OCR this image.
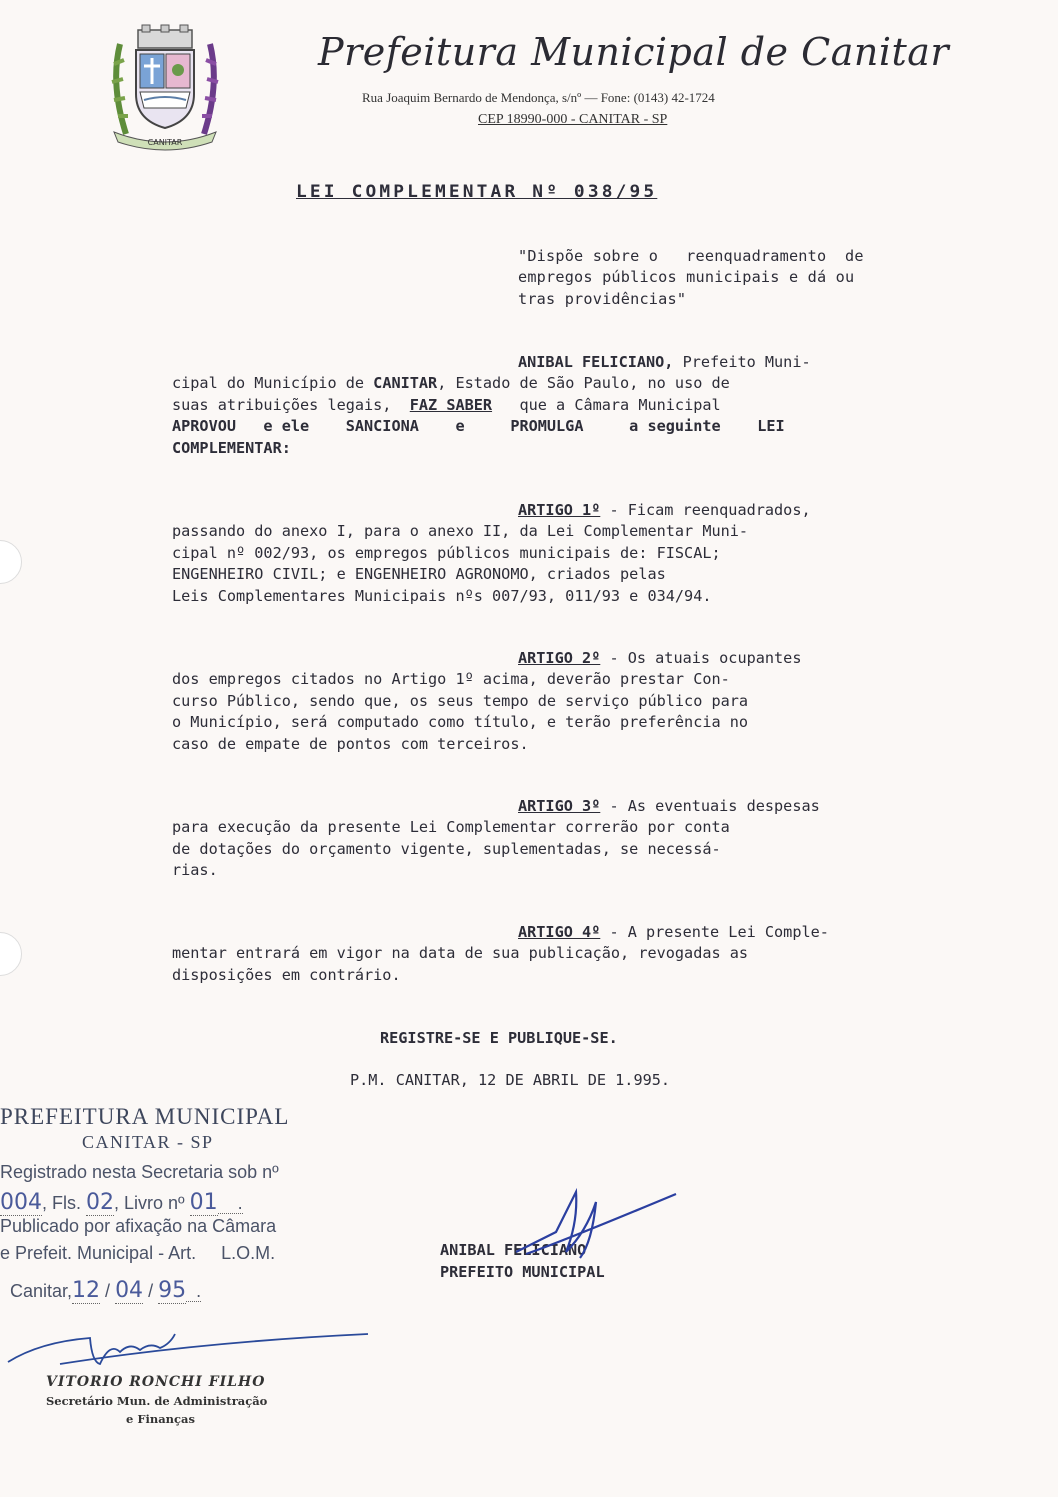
CANITAR
Prefeitura Municipal de Canitar
Rua Joaquim Bernardo de Mendonça, s/nº — Fone: (0143) 42-1724
CEP 18990-000 - CANITAR - SP
LEI COMPLEMENTAR Nº 038/95
"Dispõe sobre o   reenquadramento  de
empregos públicos municipais e dá ou
tras providências"
ANIBAL FELICIANO, Prefeito Muni-
cipal do Município de CANITAR, Estado de São Paulo, no uso de
suas atribuições legais,  FAZ SABER   que a Câmara Municipal
APROVOU   e ele    SANCIONA    e     PROMULGA     a seguinte    LEI
COMPLEMENTAR:
ARTIGO 1º - Ficam reenquadrados,
passando do anexo I, para o anexo II, da Lei Complementar Muni-
cipal nº 002/93, os empregos públicos municipais de: FISCAL;
ENGENHEIRO CIVIL; e ENGENHEIRO AGRONOMO, criados pelas
Leis Complementares Municipais nºs 007/93, 011/93 e 034/94.
ARTIGO 2º - Os atuais ocupantes
dos empregos citados no Artigo 1º acima, deverão prestar Con-
curso Público, sendo que, os seus tempo de serviço público para
o Município, será computado como título, e terão preferência no
caso de empate de pontos com terceiros.
ARTIGO 3º - As eventuais despesas
para execução da presente Lei Complementar correrão por conta
de dotações do orçamento vigente, suplementadas, se necessá-
rias.
ARTIGO 4º - A presente Lei Comple-
mentar entrará em vigor na data de sua publicação, revogadas as
disposições em contrário.
REGISTRE-SE E PUBLIQUE-SE.
P.M. CANITAR, 12 DE ABRIL DE 1.995.
ANIBAL FELICIANO
PREFEITO MUNICIPAL
PREFEITURA MUNICIPAL
CANITAR - SP
Registrado nesta Secretaria sob nº
004, Fls. 02, Livro nº 01    .
Publicado por afixação na Câmara
e Prefeit. Municipal - Art.     L.O.M.
Canitar,12 / 04 / 95  .
VITORIO RONCHI FILHO
Secretário Mun. de Administração
e Finanças
